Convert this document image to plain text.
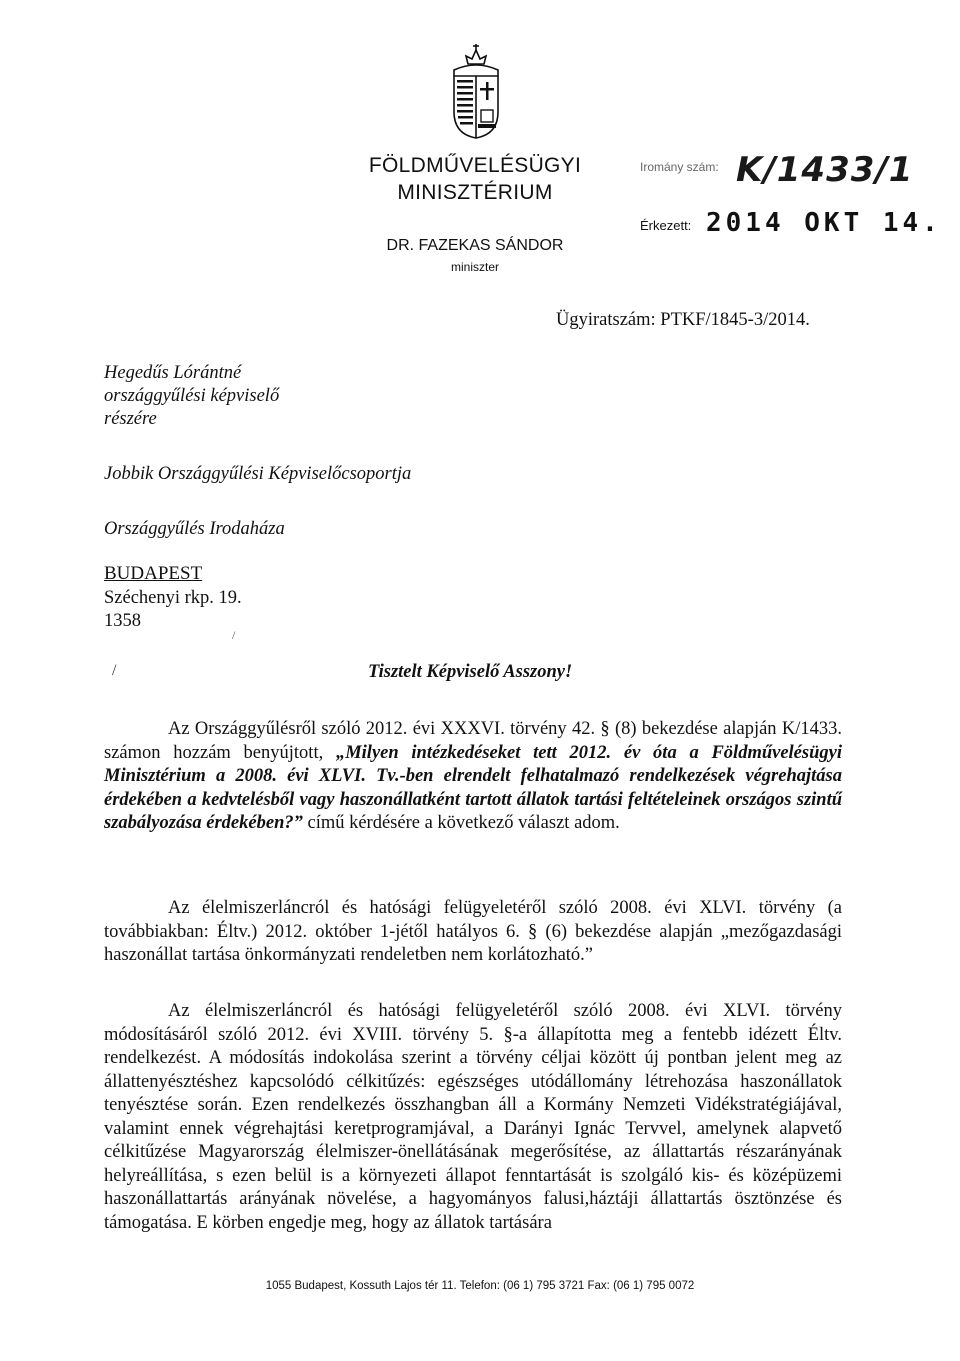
FÖLDMŰVELÉSÜGYI
MINISZTÉRIUM
DR. FAZEKAS SÁNDOR
miniszter
Iromány szám: K/1433/1
Érkezett: 2014 OKT 14.
Ügyiratszám: PTKF/1845-3/2014.
Hegedűs Lórántné
országgyűlési képviselő
részére
Jobbik Országgyűlési Képviselőcsoportja
Országgyűlés Irodaháza
BUDAPEST
Széchenyi rkp. 19.
1358
/
/	Tisztelt Képviselő Asszony!
Az Országgyűlésről szóló 2012. évi XXXVI. törvény 42. § (8) bekezdése alapján K/1433. számon hozzám benyújtott, „Milyen intézkedéseket tett 2012. év óta a Földművelésügyi Minisztérium a 2008. évi XLVI. Tv.-ben elrendelt felhatalmazó rendelkezések végrehajtása érdekében a kedvtelésből vagy haszonállatként tartott állatok tartási feltételeinek országos szintű szabályozása érdekében?” című kérdésére a következő választ adom.
Az élelmiszerláncról és hatósági felügyeletéről szóló 2008. évi XLVI. törvény (a továbbiakban: Éltv.) 2012. október 1-jétől hatályos 6. § (6) bekezdése alapján „mezőgazdasági haszonállat tartása önkormányzati rendeletben nem korlátozható.”
Az élelmiszerláncról és hatósági felügyeletéről szóló 2008. évi XLVI. törvény módosításáról szóló 2012. évi XVIII. törvény 5. §-a állapította meg a fentebb idézett Éltv. rendelkezést. A módosítás indokolása szerint a törvény céljai között új pontban jelent meg az állattenyésztéshez kapcsolódó célkitűzés: egészséges utódállomány létrehozása haszonállatok tenyésztése során. Ezen rendelkezés összhangban áll a Kormány Nemzeti Vidékstratégiájával, valamint ennek végrehajtási keretprogramjával, a Darányi Ignác Tervvel, amelynek alapvető célkitűzése Magyarország élelmiszer-önellátásának megerősítése, az állattartás részarányának helyreállítása, s ezen belül is a környezeti állapot fenntartását is szolgáló kis- és középüzemi haszonállattartás arányának növelése, a hagyományos falusi,háztáji állattartás ösztönzése és támogatása. E körben engedje meg, hogy az állatok tartására
1055 Budapest, Kossuth Lajos tér 11. Telefon: (06 1) 795 3721 Fax: (06 1) 795 0072
